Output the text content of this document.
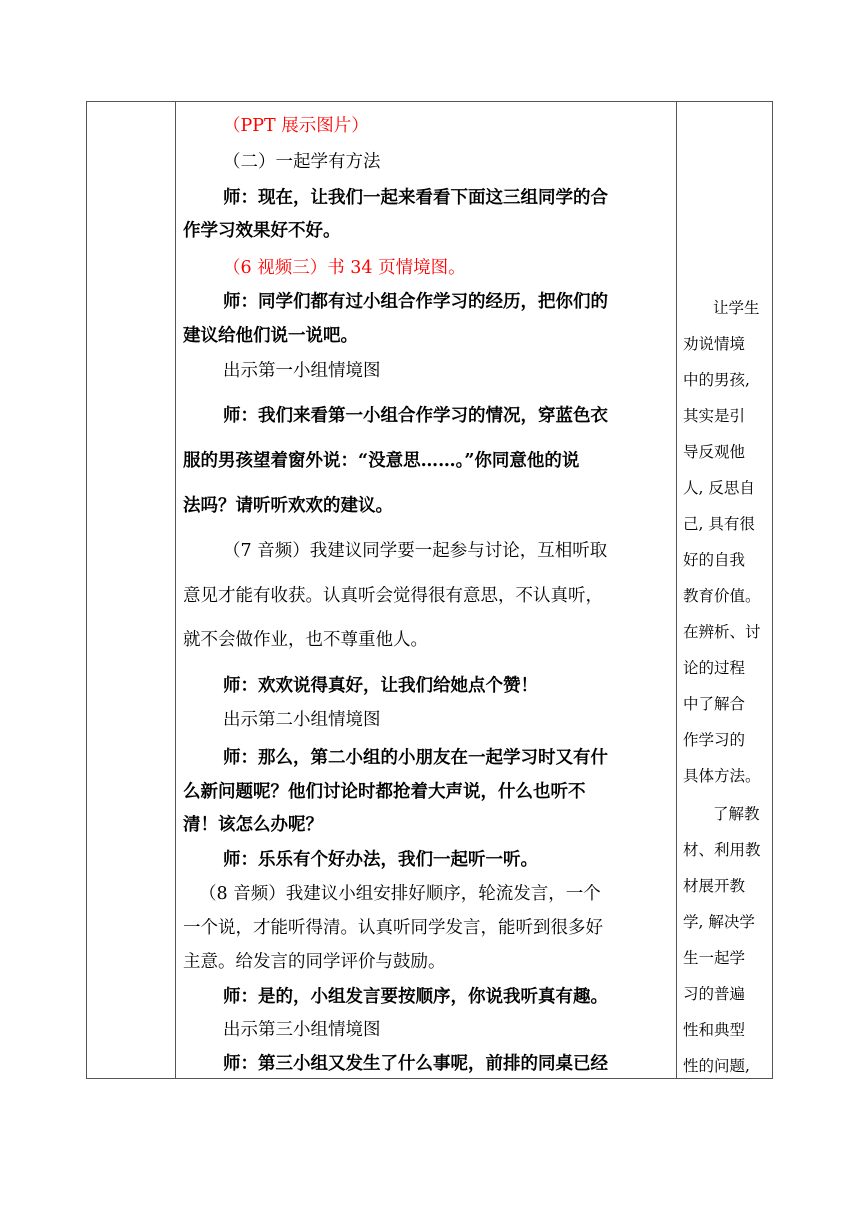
（PPT 展示图片）
（二）一起学有方法
师：现在，让我们一起来看看下面这三组同学的合
作学习效果好不好。
（6 视频三）书 34 页情境图。
师：同学们都有过小组合作学习的经历，把你们的
建议给他们说一说吧。
出示第一小组情境图
师：我们来看第一小组合作学习的情况，穿蓝色衣
服的男孩望着窗外说：“没意思……。”你同意他的说
法吗？请听听欢欢的建议。
（7 音频）我建议同学要一起参与讨论，互相听取
意见才能有收获。认真听会觉得很有意思，不认真听，
就不会做作业，也不尊重他人。
师：欢欢说得真好，让我们给她点个赞！
出示第二小组情境图
师：那么，第二小组的小朋友在一起学习时又有什
么新问题呢？他们讨论时都抢着大声说，什么也听不
清！该怎么办呢？
师：乐乐有个好办法，我们一起听一听。
（8 音频）我建议小组安排好顺序，轮流发言，一个
一个说，才能听得清。认真听同学发言，能听到很多好
主意。给发言的同学评价与鼓励。
师：是的，小组发言要按顺序，你说我听真有趣。
出示第三小组情境图
师：第三小组又发生了什么事呢，前排的同桌已经
让学生
劝说情境
中的男孩,
其实是引
导反观他
人, 反思自
己, 具有很
好的自我
教育价值。
在辨析、讨
论的过程
中了解合
作学习的
具体方法。
了解教
材、利用教
材展开教
学, 解决学
生一起学
习的普遍
性和典型
性的问题,
